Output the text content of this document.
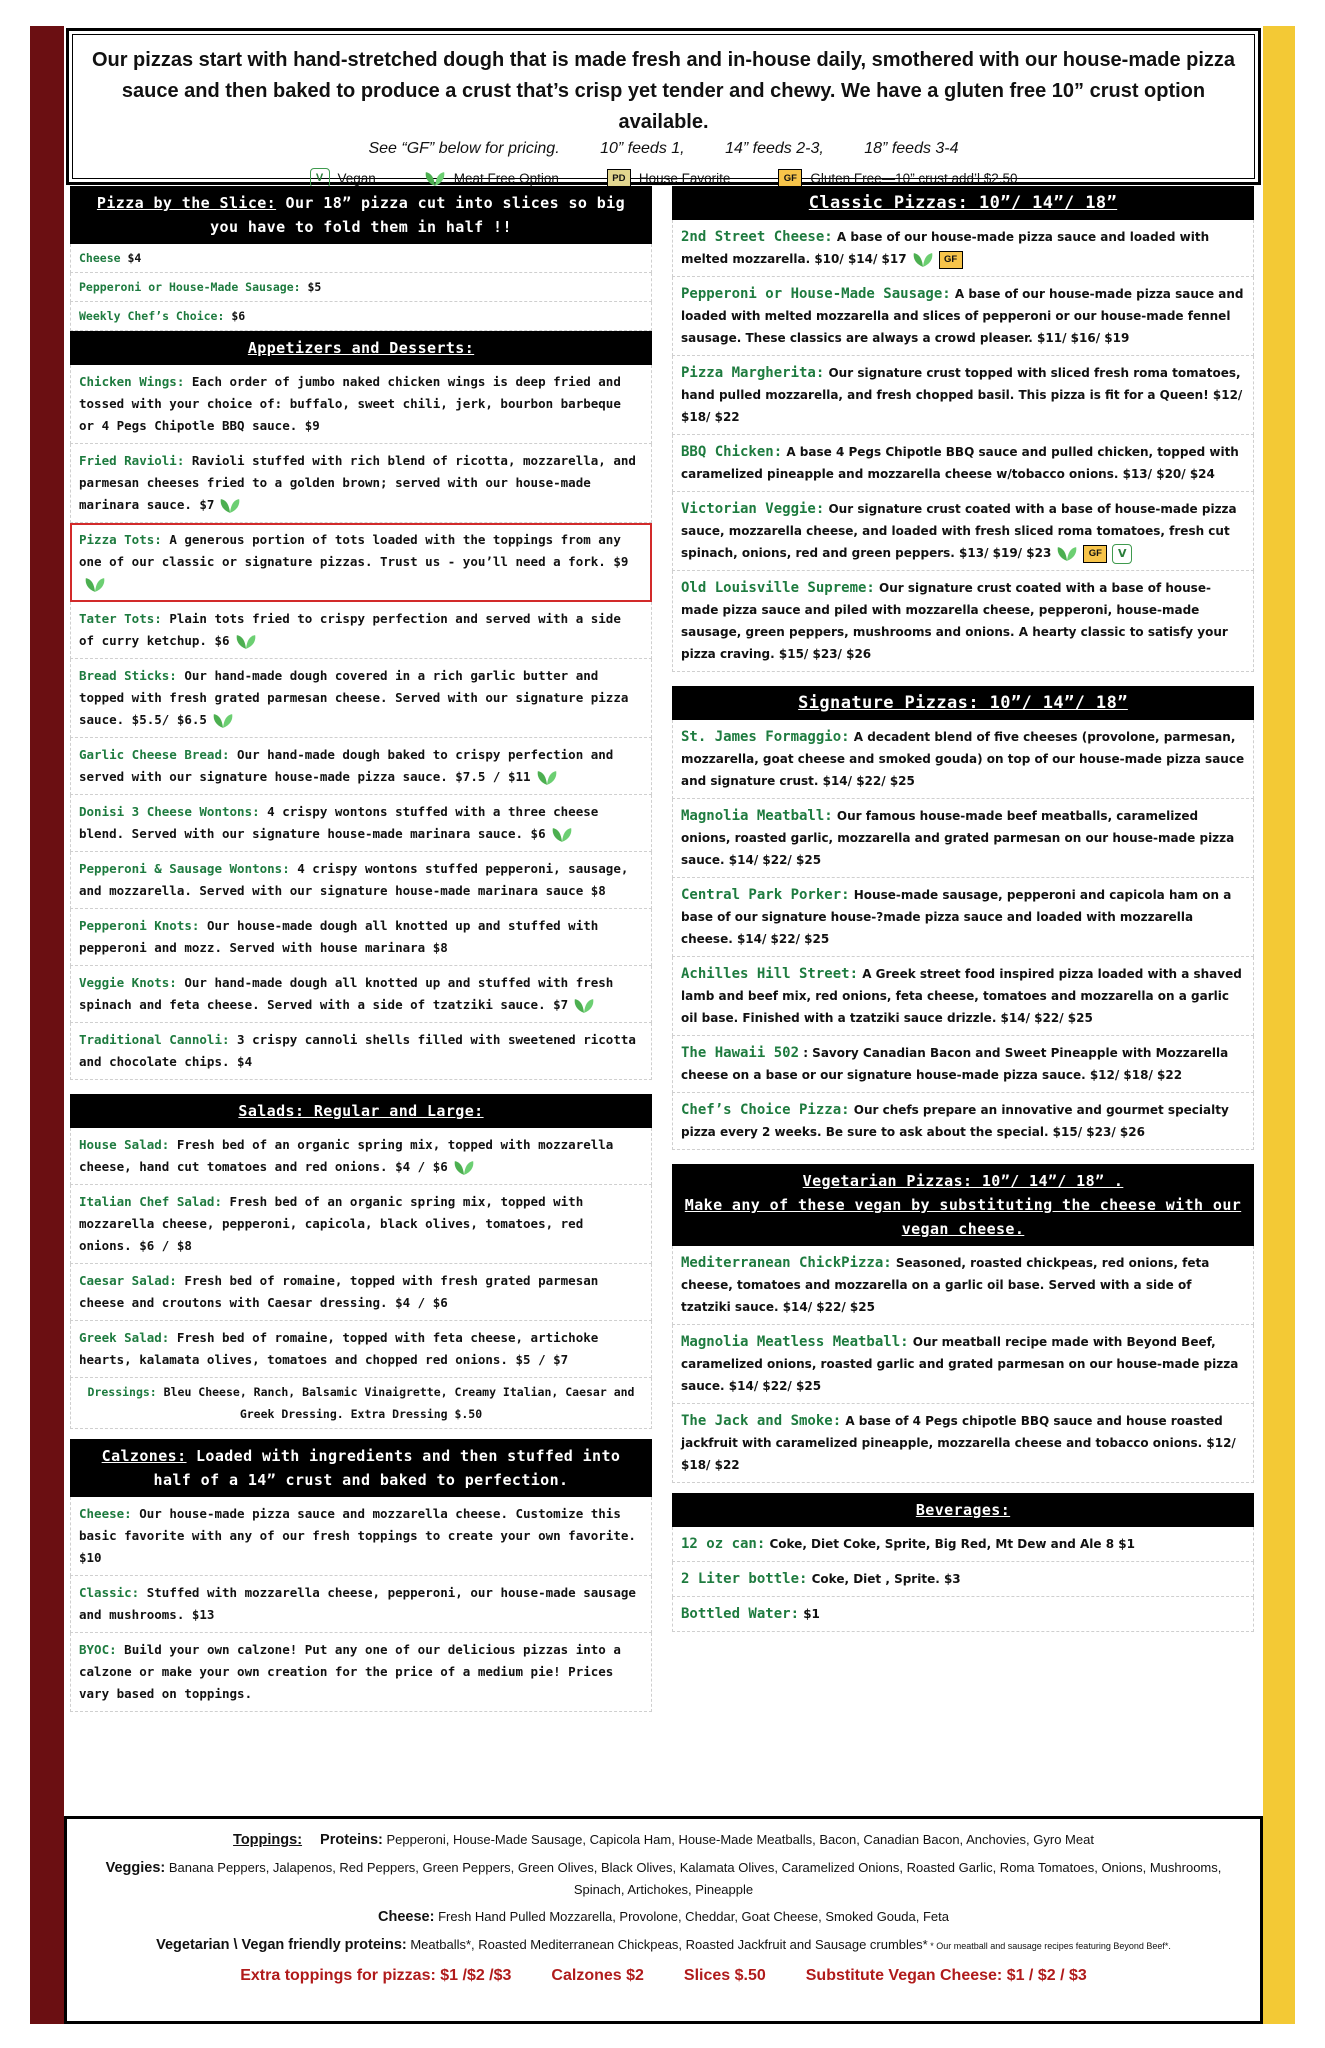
Our pizzas start with hand-stretched dough that is made fresh and in-house daily, smothered with our house-made pizza sauce and then baked to produce a crust that’s crisp yet tender and chewy. We have a gluten free 10” crust option available.
See “GF” below for pricing.	10” feeds 1,	14” feeds 2-3,	18” feeds 3-4
V	Vegan	Meat Free Option	PD House Favorite	GF Gluten Free—10” crust add’l $2.50
Pizza by the Slice: Our 18” pizza cut into slices so big you have to fold them in half !!
Cheese $4
Pepperoni or House-Made Sausage: $5
Weekly Chef’s Choice: $6
Appetizers and Desserts:
Chicken Wings: Each order of jumbo naked chicken wings is deep fried and tossed with your choice of: buffalo, sweet chili, jerk, bourbon barbeque or 4 Pegs Chipotle BBQ sauce. $9
Fried Ravioli: Ravioli stuffed with rich blend of ricotta, mozzarella, and parmesan cheeses fried to a golden brown; served with our house-made marinara sauce. $7
Pizza Tots: A generous portion of tots loaded with the toppings from any one of our classic or signature pizzas. Trust us - you’ll need a fork. $9
Tater Tots: Plain tots fried to crispy perfection and served with a side of curry ketchup. $6
Bread Sticks: Our hand-made dough covered in a rich garlic butter and topped with fresh grated parmesan cheese. Served with our signature pizza sauce. $5.5/ $6.5
Garlic Cheese Bread: Our hand-made dough baked to crispy perfection and served with our signature house-made pizza sauce. $7.5 / $11
Donisi 3 Cheese Wontons: 4 crispy wontons stuffed with a three cheese blend. Served with our signature house-made marinara sauce. $6
Pepperoni & Sausage Wontons: 4 crispy wontons stuffed pepperoni, sausage, and mozzarella. Served with our signature house-made marinara sauce $8
Pepperoni Knots: Our house-made dough all knotted up and stuffed with pepperoni and mozz. Served with house marinara $8
Veggie Knots: Our hand-made dough all knotted up and stuffed with fresh spinach and feta cheese. Served with a side of tzatziki sauce. $7
Traditional Cannoli: 3 crispy cannoli shells filled with sweetened ricotta and chocolate chips. $4
Salads: Regular and Large:
House Salad: Fresh bed of an organic spring mix, topped with mozzarella cheese, hand cut tomatoes and red onions. $4 / $6
Italian Chef Salad: Fresh bed of an organic spring mix, topped with mozzarella cheese, pepperoni, capicola, black olives, tomatoes, red onions. $6 / $8
Caesar Salad: Fresh bed of romaine, topped with fresh grated parmesan cheese and croutons with Caesar dressing. $4 / $6
Greek Salad: Fresh bed of romaine, topped with feta cheese, artichoke hearts, kalamata olives, tomatoes and chopped red onions. $5 / $7
Dressings: Bleu Cheese, Ranch, Balsamic Vinaigrette, Creamy Italian, Caesar and Greek Dressing. Extra Dressing $.50
Calzones: Loaded with ingredients and then stuffed into half of a 14” crust and baked to perfection.
Cheese: Our house-made pizza sauce and mozzarella cheese. Customize this basic favorite with any of our fresh toppings to create your own favorite. $10
Classic: Stuffed with mozzarella cheese, pepperoni, our house-made sausage and mushrooms. $13
BYOC: Build your own calzone! Put any one of our delicious pizzas into a calzone or make your own creation for the price of a medium pie! Prices vary based on toppings.
Classic Pizzas: 10”/ 14”/ 18”
2nd Street Cheese: A base of our house-made pizza sauce and loaded with melted mozzarella. $10/ $14/ $17	GF
Pepperoni or House-Made Sausage: A base of our house-made pizza sauce and loaded with melted mozzarella and slices of pepperoni or our house-made fennel sausage. These classics are always a crowd pleaser. $11/ $16/ $19
Pizza Margherita: Our signature crust topped with sliced fresh roma tomatoes, hand pulled mozzarella, and fresh chopped basil. This pizza is fit for a Queen! $12/ $18/ $22
BBQ Chicken: A base 4 Pegs Chipotle BBQ sauce and pulled chicken, topped with caramelized pineapple and mozzarella cheese w/tobacco onions. $13/ $20/ $24
Victorian Veggie: Our signature crust coated with a base of house-made pizza sauce, mozzarella cheese, and loaded with fresh sliced roma tomatoes, fresh cut spinach, onions, red and green peppers. $13/ $19/ $23	GF V
Old Louisville Supreme: Our signature crust coated with a base of house-made pizza sauce and piled with mozzarella cheese, pepperoni, house-made sausage, green peppers, mushrooms and onions. A hearty classic to satisfy your pizza craving. $15/ $23/ $26
Signature Pizzas: 10”/ 14”/ 18”
St. James Formaggio: A decadent blend of five cheeses (provolone, parmesan, mozzarella, goat cheese and smoked gouda) on top of our house-made pizza sauce and signature crust. $14/ $22/ $25
Magnolia Meatball: Our famous house-made beef meatballs, caramelized onions, roasted garlic, mozzarella and grated parmesan on our house-made pizza sauce. $14/ $22/ $25
Central Park Porker: House-made sausage, pepperoni and capicola ham on a base of our signature house-?made pizza sauce and loaded with mozzarella cheese. $14/ $22/ $25
Achilles Hill Street: A Greek street food inspired pizza loaded with a shaved lamb and beef mix, red onions, feta cheese, tomatoes and mozzarella on a garlic oil base. Finished with a tzatziki sauce drizzle. $14/ $22/ $25
The Hawaii 502 : Savory Canadian Bacon and Sweet Pineapple with Mozzarella cheese on a base or our signature house-made pizza sauce. $12/ $18/ $22
Chef’s Choice Pizza: Our chefs prepare an innovative and gourmet specialty pizza every 2 weeks. Be sure to ask about the special. $15/ $23/ $26
Vegetarian Pizzas: 10”/ 14”/ 18” .
Make any of these vegan by substituting the cheese with our vegan cheese.
Mediterranean ChickPizza: Seasoned, roasted chickpeas, red onions, feta cheese, tomatoes and mozzarella on a garlic oil base. Served with a side of tzatziki sauce. $14/ $22/ $25
Magnolia Meatless Meatball: Our meatball recipe made with Beyond Beef, caramelized onions, roasted garlic and grated parmesan on our house-made pizza sauce. $14/ $22/ $25
The Jack and Smoke: A base of 4 Pegs chipotle BBQ sauce and house roasted jackfruit with caramelized pineapple, mozzarella cheese and tobacco onions. $12/ $18/ $22
Beverages:
12 oz can: Coke, Diet Coke, Sprite, Big Red, Mt Dew and Ale 8 $1
2 Liter bottle: Coke, Diet , Sprite. $3
Bottled Water: $1
Toppings: Proteins: Pepperoni, House-Made Sausage, Capicola Ham, House-Made Meatballs, Bacon, Canadian Bacon, Anchovies, Gyro Meat
Veggies: Banana Peppers, Jalapenos, Red Peppers, Green Peppers, Green Olives, Black Olives, Kalamata Olives, Caramelized Onions, Roasted Garlic, Roma Tomatoes, Onions, Mushrooms, Spinach, Artichokes, Pineapple
Cheese: Fresh Hand Pulled Mozzarella, Provolone, Cheddar, Goat Cheese, Smoked Gouda, Feta
Vegetarian \ Vegan friendly proteins: Meatballs*, Roasted Mediterranean Chickpeas, Roasted Jackfruit and Sausage crumbles* * Our meatball and sausage recipes featuring Beyond Beef*.
Extra toppings for pizzas: $1 /$2 /$3	Calzones $2	Slices $.50	Substitute Vegan Cheese: $1 / $2 / $3
